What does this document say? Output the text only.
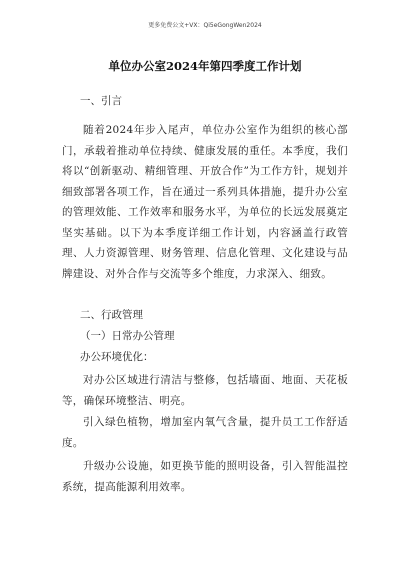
更多免费公文+VX：Qi5eGongWen2024
单位办公室2024年第四季度工作计划
一、引言
随着2024年步入尾声，单位办公室作为组织的核心部门，承载着推动单位持续、健康发展的重任。本季度，我们将以“创新驱动、精细管理、开放合作”为工作方针，规划并细致部署各项工作，旨在通过一系列具体措施，提升办公室的管理效能、工作效率和服务水平，为单位的长远发展奠定坚实基础。以下为本季度详细工作计划，内容涵盖行政管理、人力资源管理、财务管理、信息化管理、文化建设与品牌建设、对外合作与交流等多个维度，力求深入、细致。
二、行政管理
（一）日常办公管理
办公环境优化：
对办公区域进行清洁与整修，包括墙面、地面、天花板等，确保环境整洁、明亮。
引入绿色植物，增加室内氧气含量，提升员工工作舒适度。
升级办公设施，如更换节能的照明设备，引入智能温控系统，提高能源利用效率。
